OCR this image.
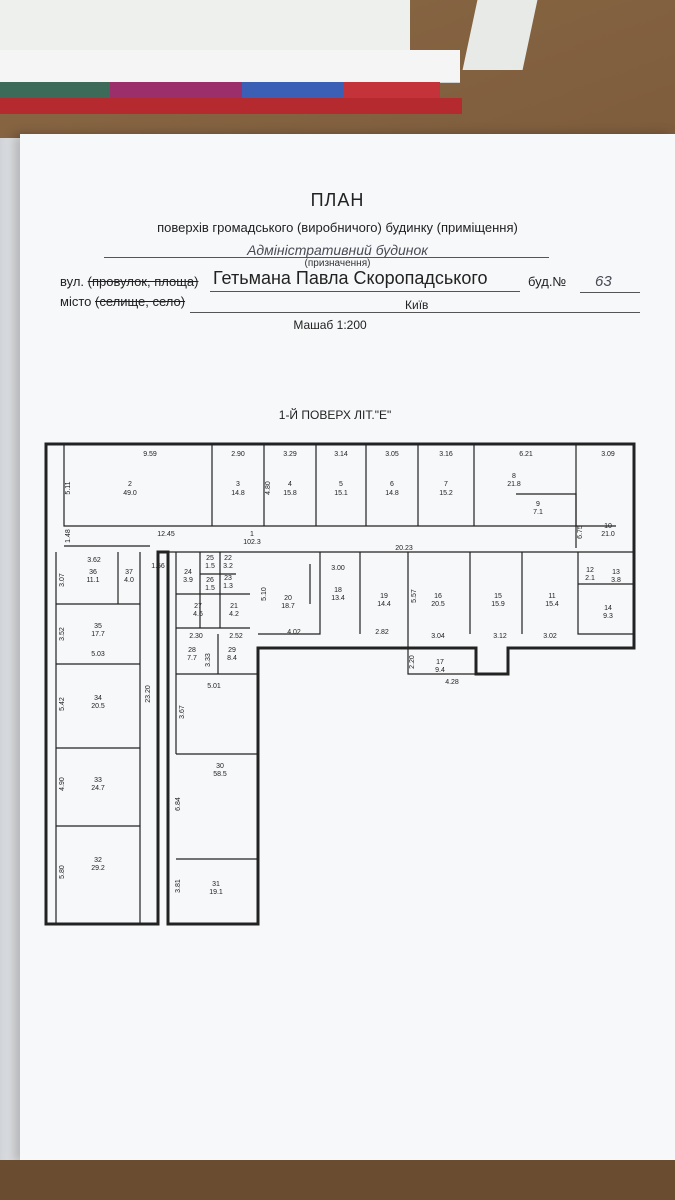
ПЛАН
поверхів громадського (виробничого) будинку (приміщення)
Адміністративний будинок
(призначення)
вул. (провулок, площа) Гетьмана Павла Скоропадського	буд.№ 63
місто (селище, село)	Київ
Машаб 1:200
1-Й ПОВЕРХ ЛІТ."Е"
2
49.0
3
14.8
4
15.8
5
15.1
6
14.8
7
15.2
8
21.8
9
7.1
10
21.0
1
102.3
36
11.1
37
4.0
35
17.7
34
20.5
33
24.7
32
29.2
24
3.9
25
1.5
26
1.5
22
3.2
23
1.3
27
4.6
21
4.2
28
7.7
29
8.4
30
58.5
31
19.1
20
18.7
18
13.4	19
14.4
16
20.5
15
15.9
11
15.4
12
2.1
13
3.8
14
9.3
17
9.4
9.59	2.90	3.29	3.14	3.05	3.16	6.21	3.09
5.11	4.80
6.75
1.48	12.45
20.23
3.62
1.56
3.07
3.52
5.03
5.42
4.90
5.80
23.20
2.30	2.52
3.33
5.01
3.67
6.84
3.81
5.10
4.02
3.00
2.82
5.57
3.04	3.12	3.02
2.20
4.28
